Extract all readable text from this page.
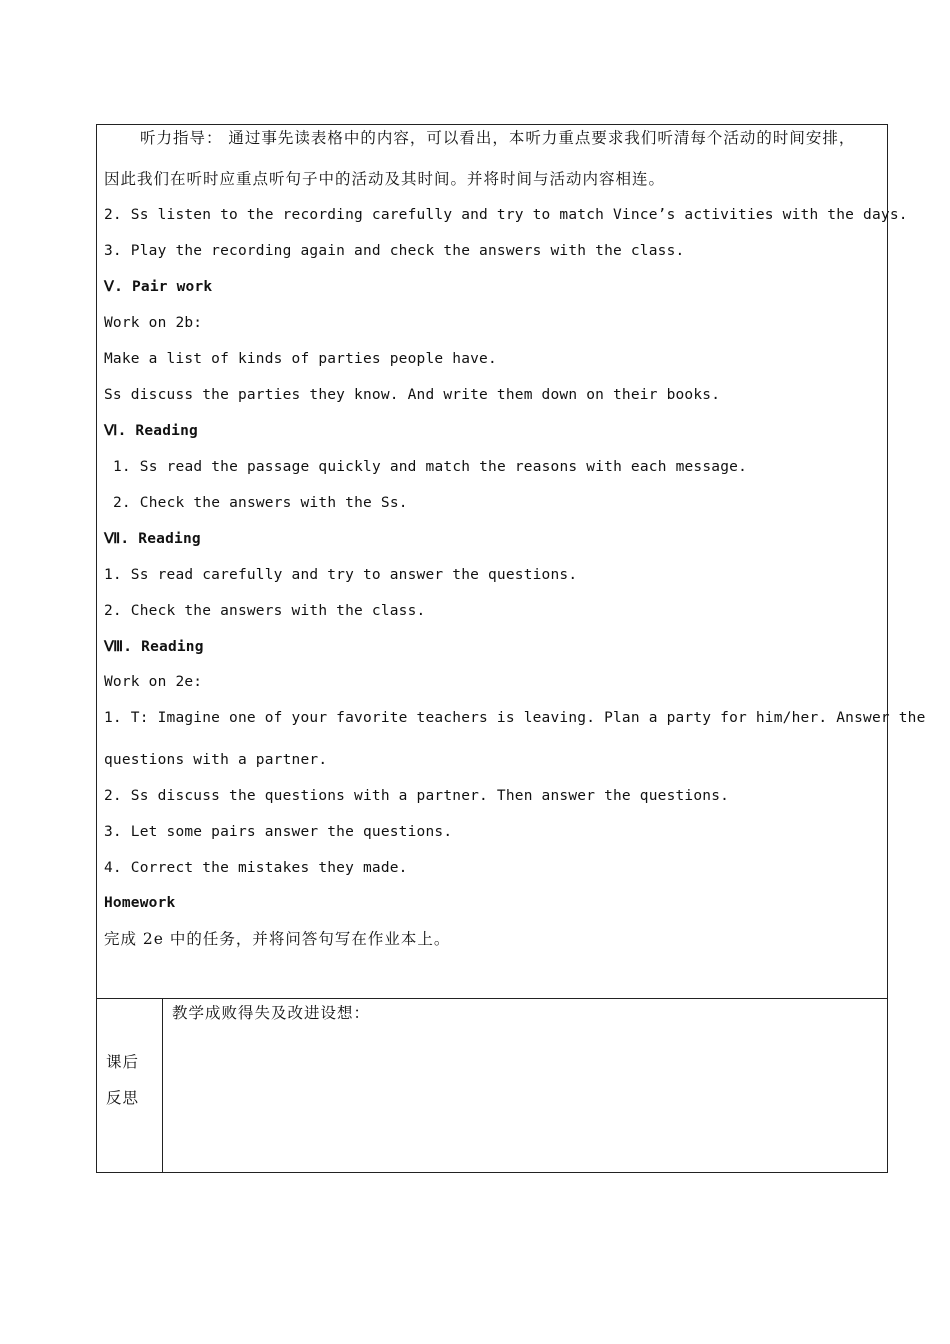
听力指导： 通过事先读表格中的内容，可以看出，本听力重点要求我们听清每个活动的时间安排，
因此我们在听时应重点听句子中的活动及其时间。并将时间与活动内容相连。
2. Ss listen to the recording carefully and try to match Vince’s activities with the days.
3. Play the recording again and check the answers with the class.
Ⅴ. Pair work
Work on 2b:
Make a list of kinds of parties people have.
Ss discuss the parties they know. And write them down on their books.
Ⅵ. Reading
1. Ss read the passage quickly and match the reasons with each message.
2. Check the answers with the Ss.
Ⅶ. Reading
1. Ss read carefully and try to answer the questions.
2. Check the answers with the class.
Ⅷ. Reading
Work on 2e:
1. T: Imagine one of your favorite teachers is leaving. Plan a party for him/her. Answer the
questions with a partner.
2. Ss discuss the questions with a partner. Then answer the questions.
3. Let some pairs answer the questions.
4. Correct the mistakes they made.
Homework
完成 2e 中的任务，并将问答句写在作业本上。
课后
反思
教学成败得失及改进设想：
